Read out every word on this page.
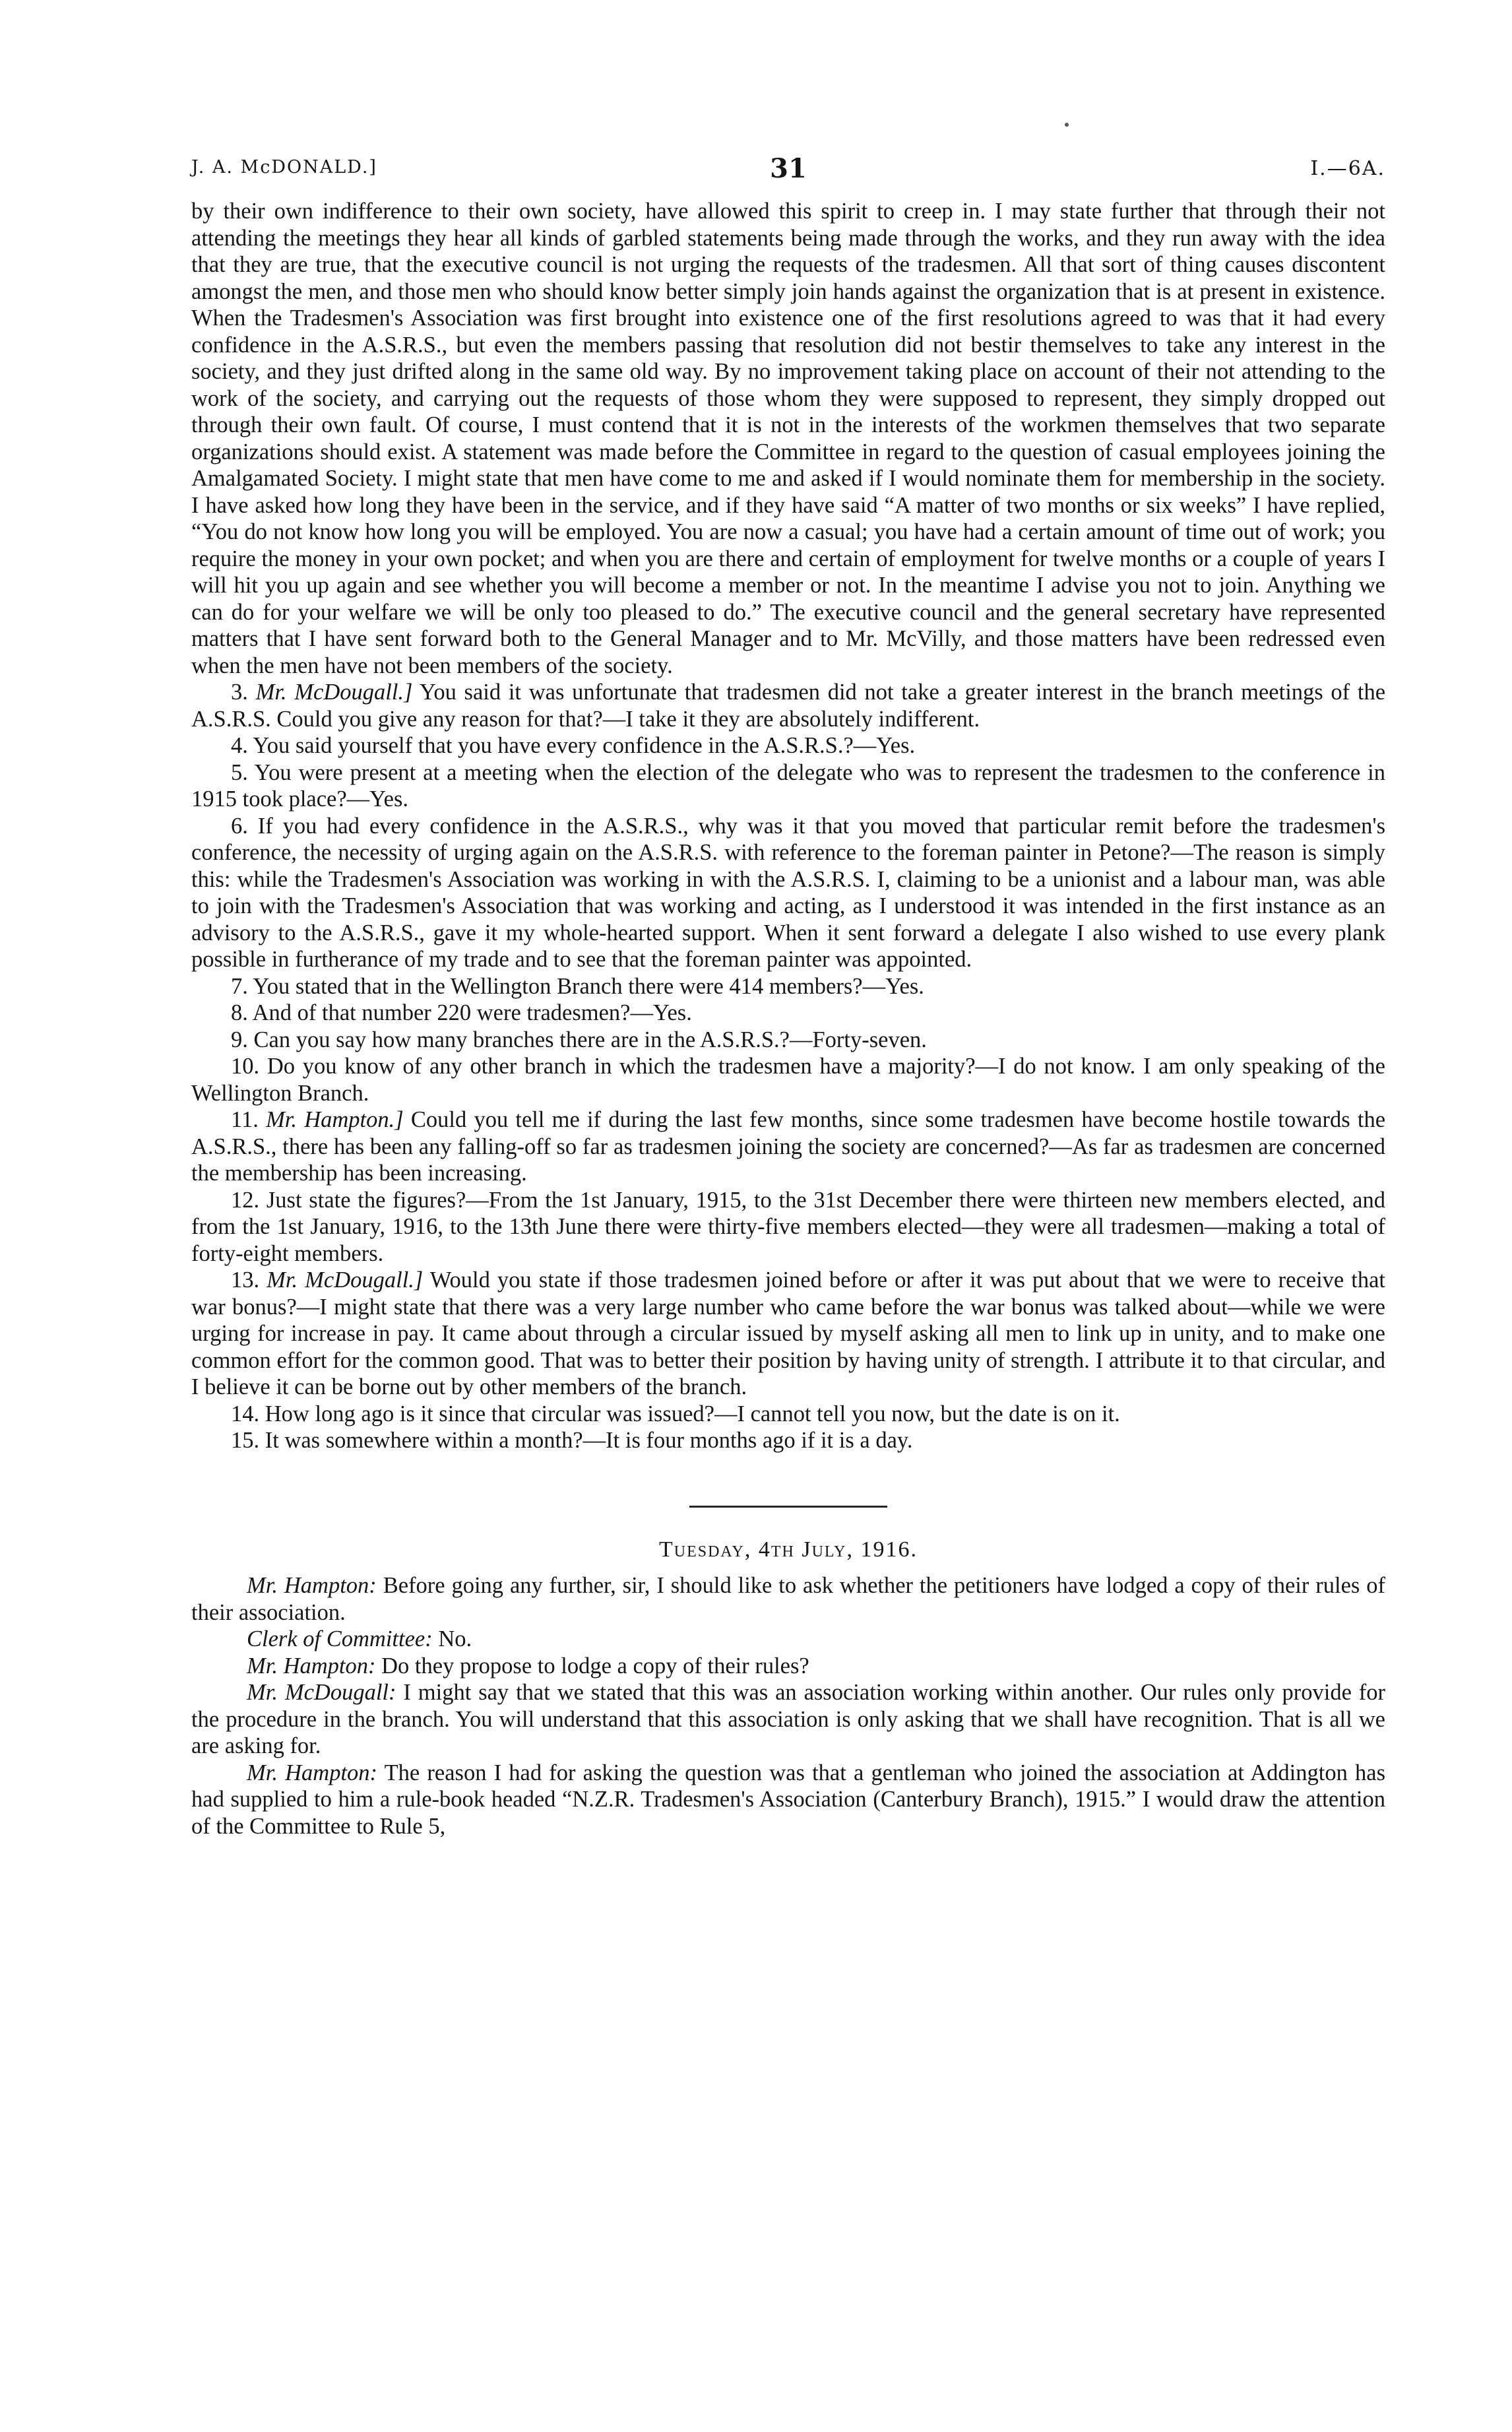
J. A. McDONALD.]	31	I.—6A.

by their own indifference to their own society, have allowed this spirit to creep in. I may state further that through their not attending the meetings they hear all kinds of garbled statements being made through the works, and they run away with the idea that they are true, that the executive council is not urging the requests of the tradesmen. All that sort of thing causes discontent amongst the men, and those men who should know better simply join hands against the organization that is at present in existence. When the Tradesmen's Association was first brought into existence one of the first resolutions agreed to was that it had every confidence in the A.S.R.S., but even the members passing that resolution did not bestir themselves to take any interest in the society, and they just drifted along in the same old way. By no improvement taking place on account of their not attending to the work of the society, and carrying out the requests of those whom they were supposed to represent, they simply dropped out through their own fault. Of course, I must contend that it is not in the interests of the workmen themselves that two separate organizations should exist. A statement was made before the Committee in regard to the question of casual employees joining the Amalgamated Society. I might state that men have come to me and asked if I would nominate them for membership in the society. I have asked how long they have been in the service, and if they have said “A matter of two months or six weeks” I have replied, “You do not know how long you will be employed. You are now a casual; you have had a certain amount of time out of work; you require the money in your own pocket; and when you are there and certain of employment for twelve months or a couple of years I will hit you up again and see whether you will become a member or not. In the meantime I advise you not to join. Anything we can do for your welfare we will be only too pleased to do.” The executive council and the general secretary have represented matters that I have sent forward both to the General Manager and to Mr. McVilly, and those matters have been redressed even when the men have not been members of the society.

3. Mr. McDougall.] You said it was unfortunate that tradesmen did not take a greater interest in the branch meetings of the A.S.R.S. Could you give any reason for that?—I take it they are absolutely indifferent.

4. You said yourself that you have every confidence in the A.S.R.S.?—Yes.

5. You were present at a meeting when the election of the delegate who was to represent the tradesmen to the conference in 1915 took place?—Yes.

6. If you had every confidence in the A.S.R.S., why was it that you moved that particular remit before the tradesmen's conference, the necessity of urging again on the A.S.R.S. with reference to the foreman painter in Petone?—The reason is simply this: while the Tradesmen's Association was working in with the A.S.R.S. I, claiming to be a unionist and a labour man, was able to join with the Tradesmen's Association that was working and acting, as I understood it was intended in the first instance as an advisory to the A.S.R.S., gave it my whole-hearted support. When it sent forward a delegate I also wished to use every plank possible in furtherance of my trade and to see that the foreman painter was appointed.

7. You stated that in the Wellington Branch there were 414 members?—Yes.

8. And of that number 220 were tradesmen?—Yes.

9. Can you say how many branches there are in the A.S.R.S.?—Forty-seven.

10. Do you know of any other branch in which the tradesmen have a majority?—I do not know. I am only speaking of the Wellington Branch.

11. Mr. Hampton.] Could you tell me if during the last few months, since some tradesmen have become hostile towards the A.S.R.S., there has been any falling-off so far as tradesmen joining the society are concerned?—As far as tradesmen are concerned the membership has been increasing.

12. Just state the figures?—From the 1st January, 1915, to the 31st December there were thirteen new members elected, and from the 1st January, 1916, to the 13th June there were thirty-five members elected—they were all tradesmen—making a total of forty-eight members.

13. Mr. McDougall.] Would you state if those tradesmen joined before or after it was put about that we were to receive that war bonus?—I might state that there was a very large number who came before the war bonus was talked about—while we were urging for increase in pay. It came about through a circular issued by myself asking all men to link up in unity, and to make one common effort for the common good. That was to better their position by having unity of strength. I attribute it to that circular, and I believe it can be borne out by other members of the branch.

14. How long ago is it since that circular was issued?—I cannot tell you now, but the date is on it.

15. It was somewhere within a month?—It is four months ago if it is a day.

Tuesday, 4th July, 1916.

Mr. Hampton: Before going any further, sir, I should like to ask whether the petitioners have lodged a copy of their rules of their association.

Clerk of Committee: No.

Mr. Hampton: Do they propose to lodge a copy of their rules?

Mr. McDougall: I might say that we stated that this was an association working within another. Our rules only provide for the procedure in the branch. You will understand that this association is only asking that we shall have recognition. That is all we are asking for.

Mr. Hampton: The reason I had for asking the question was that a gentleman who joined the association at Addington has had supplied to him a rule-book headed “N.Z.R. Tradesmen's Association (Canterbury Branch), 1915.” I would draw the attention of the Committee to Rule 5,
